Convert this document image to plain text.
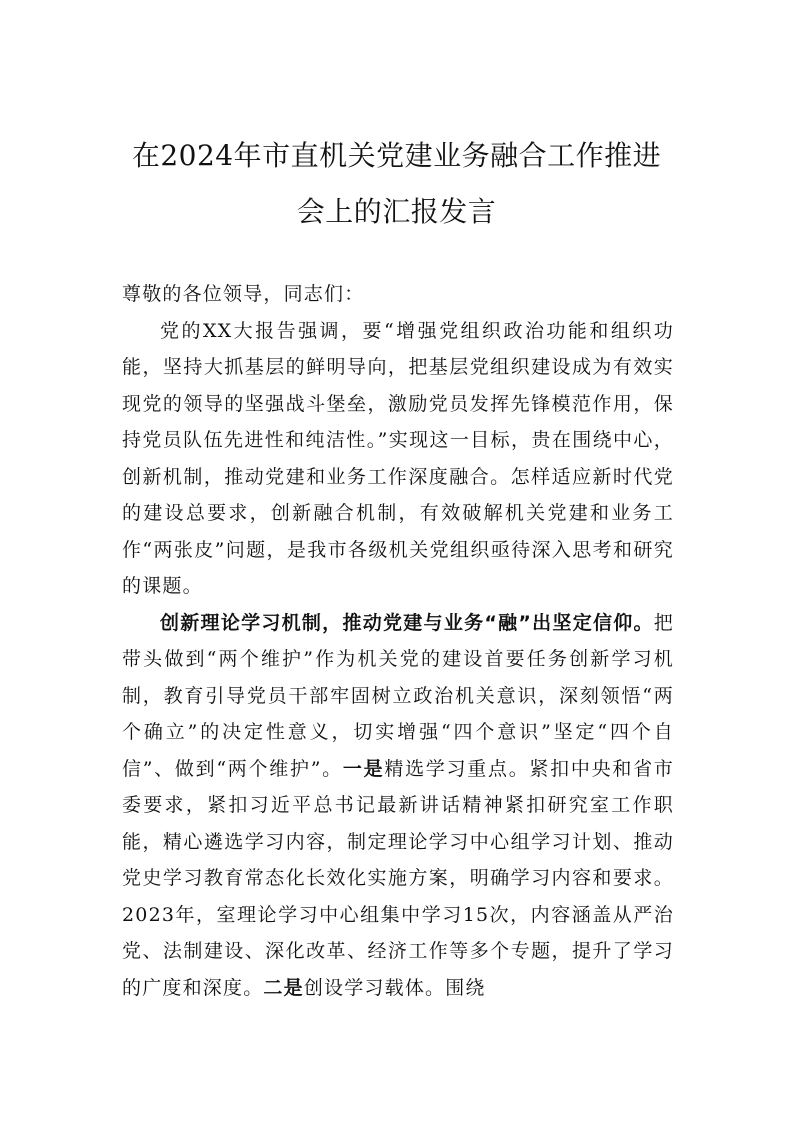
在2024年市直机关党建业务融合工作推进
会上的汇报发言

尊敬的各位领导，同志们：

党的XX大报告强调，要“增强党组织政治功能和组织功能，坚持大抓基层的鲜明导向，把基层党组织建设成为有效实现党的领导的坚强战斗堡垒，激励党员发挥先锋模范作用，保持党员队伍先进性和纯洁性。”实现这一目标，贵在围绕中心，创新机制，推动党建和业务工作深度融合。怎样适应新时代党的建设总要求，创新融合机制，有效破解机关党建和业务工作“两张皮”问题，是我市各级机关党组织亟待深入思考和研究的课题。

创新理论学习机制，推动党建与业务“融”出坚定信仰。把带头做到“两个维护”作为机关党的建设首要任务创新学习机制，教育引导党员干部牢固树立政治机关意识，深刻领悟“两个确立”的决定性意义，切实增强“四个意识”坚定“四个自信”、做到“两个维护”。一是精选学习重点。紧扣中央和省市委要求，紧扣习近平总书记最新讲话精神紧扣研究室工作职能，精心遴选学习内容，制定理论学习中心组学习计划、推动党史学习教育常态化长效化实施方案，明确学习内容和要求。2023年，室理论学习中心组集中学习15次，内容涵盖从严治党、法制建设、深化改革、经济工作等多个专题，提升了学习的广度和深度。二是创设学习载体。围绕
